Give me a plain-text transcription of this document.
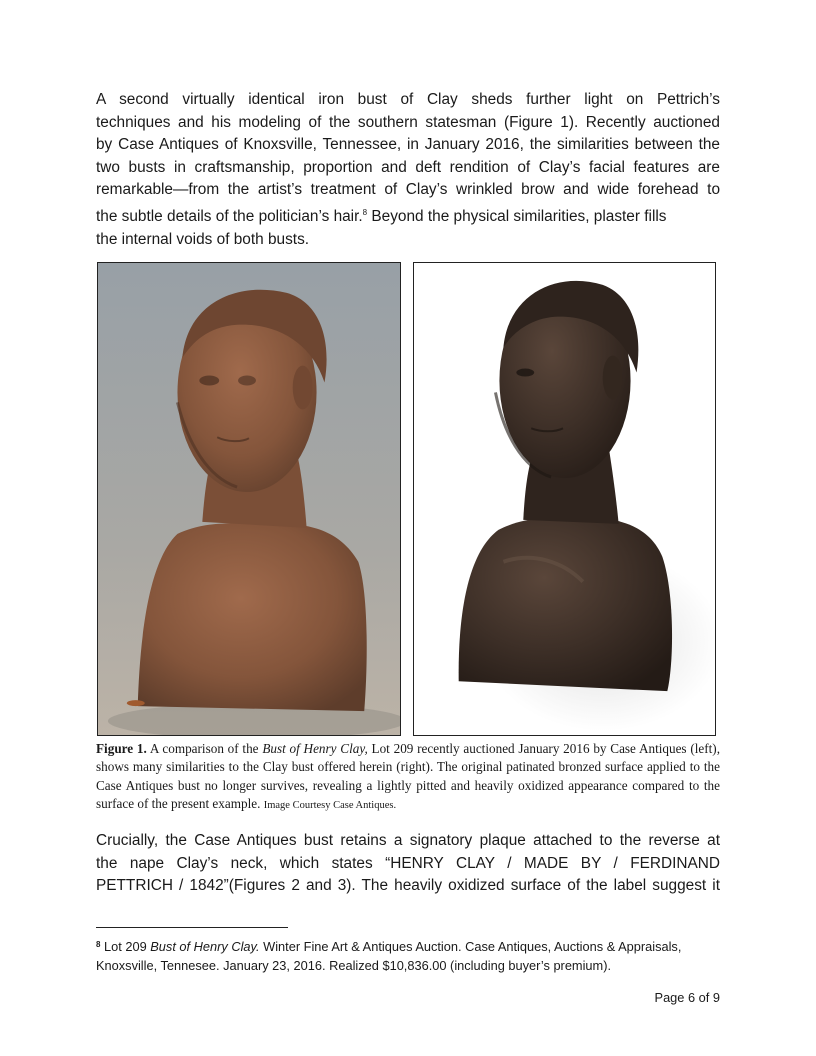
A second virtually identical iron bust of Clay sheds further light on Pettrich’s
techniques and his modeling of the southern statesman (Figure 1). Recently auctioned
by Case Antiques of Knoxsville, Tennessee, in January 2016, the similarities between the
two busts in craftsmanship, proportion and deft rendition of Clay’s facial features are
remarkable—from the artist’s treatment of Clay’s wrinkled brow and wide forehead to
the subtle details of the politician’s hair.$^8$ Beyond the physical similarities, plaster fills
the internal voids of both busts.

Figure 1. A comparison of the Bust of Henry Clay, Lot 209 recently auctioned January 2016 by Case Antiques (left), shows many similarities to the Clay bust offered herein (right). The original patinated bronzed surface applied to the Case Antiques bust no longer survives, revealing a lightly pitted and heavily oxidized appearance compared to the surface of the present example. Image Courtesy Case Antiques.

Crucially, the Case Antiques bust retains a signatory plaque attached to the reverse at
the nape Clay’s neck, which states “HENRY CLAY / MADE BY / FERDINAND
PETTRICH / 1842”(Figures 2 and 3). The heavily oxidized surface of the label suggest it

$^8$ Lot 209 Bust of Henry Clay. Winter Fine Art & Antiques Auction. Case Antiques, Auctions & Appraisals, Knoxsville, Tennesee. January 23, 2016. Realized $10,836.00 (including buyer’s premium).

Page 6 of 9
